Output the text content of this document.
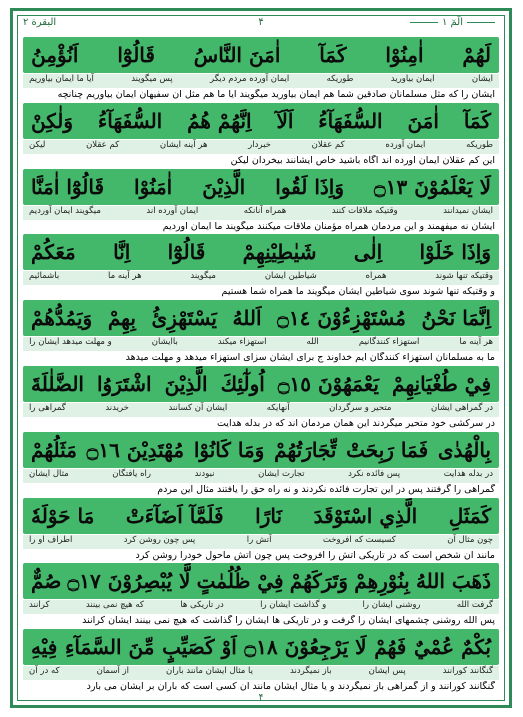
الٓمٓ ۱
۴
البقرة ۲
لَهُمْ
اٰمِنُوْا
كَمَآ
اٰمَنَ النَّاسُ
قَالُوْٓا
اَنُؤْمِنُ
ایشان
ایمان بیاورید
طوریکه
ایمان آورده مردم دیگر
پس میگویند
آیا ما ایمان بیاوریم
ایشان را که مثل مسلمانان صادقین شما هم ایمان بیاورید میگویند آیا ما هم مثل آن سفیهان ایمان بیاوریم چنانچه
كَمَآ
اٰمَنَ
السُّفَهَآءُ
اَلَآ
اِنَّهُمْ هُمُ
السُّفَهَآءُ
وَلٰكِنْ
طوریکه
ایمان آورده
کم عقلان
خبردار
هر آینه ایشان
کم عقلان
لیکن
این کم عقلان ایمان آورده اند آگاه باشید خاص ایشانند بیخردان لیکن
لَا يَعْلَمُوْنَ ۝١٣
وَاِذَا لَقُوا
الَّذِيْنَ
اٰمَنُوْا
قَالُوْٓا اٰمَنَّا
ایشان نمیدانند
وقتیکه ملاقات کنند
همراه آنانکه
ایمان آورده اند
میگویند ایمان آوردیم
ایشان نه میفهمند و این مردمان همراه مؤمنان ملاقات میکنند میگویند ما ایمان آوردیم
وَاِذَا خَلَوْا
اِلٰى
شَيٰطِيْنِهِمْ
قَالُوْٓا
اِنَّا
مَعَكُمْ
وقتیکه تنها شوند
همراه
شیاطین ایشان
میگویند
هر آینه ما
باشمائیم
و وقتیکه تنها شوند سوی شیاطین ایشان میگویند ما همراه شما هستیم
اِنَّمَا نَحْنُ
مُسْتَهْزِءُوْنَ ۝١٤
اَللهُ
يَسْتَهْزِئُ
بِهِمْ
وَيَمُدُّهُمْ
هر آینه ما
استهزاء کنندگانیم
الله
استهزاء میکند
باایشان
و مهلت میدهد ایشان را
ما به مسلمانان استهزاء کنندگان ایم خداوند ج برای ایشان سزای استهزاء میدهد و مهلت میدهد
فِيْ طُغْيَانِهِمْ
يَعْمَهُوْنَ ۝١٥
اُولٰٓئِكَ
الَّذِيْنَ
اشْتَرَوُا
الضَّلٰلَةَ
در گمراهی ایشان
متحیر و سرگردان
آنهایکه
ایشان آن کسانند
خریدند
گمراهی را
در سرکشی خود متحیر میگردند این همان مردمان اند که در بدله هدایت
بِالْهُدٰى
فَمَا رَبِحَتْ
تِّجَارَتُهُمْ
وَمَا كَانُوْا
مُهْتَدِيْنَ ۝١٦
مَثَلُهُمْ
در بدله هدایت
پس فائده نکرد
تجارت ایشان
نبودند
راه یافتگان
مثال ایشان
گمراهی را گرفتند پس در این تجارت فائده نکردند و نه راه حق را یافتند مثال این مردم
كَمَثَلِ
الَّذِي اسْتَوْقَدَ
نَارًا
فَلَمَّآ اَضَآءَتْ
مَا حَوْلَهٗ
چون مثال آن
کسیست که افروخت
آتش را
پس چون روشن کرد
اطراف او را
مانند آن شخص است که در تاریکی آتش را افروخت پس چون آتش ماحول خودرا روشن کرد
ذَهَبَ اللهُ
بِنُوْرِهِمْ
وَتَرَكَهُمْ
فِيْ ظُلُمٰتٍ
لَّا يُبْصِرُوْنَ ۝١٧
صُمٌّ
گرفت الله
روشنی ایشان را
و گذاشت ایشان را
در تاریکی ها
که هیچ نمی بینند
کرانند
پس الله روشنی چشمهای ایشان را گرفت و در تاریکی ها ایشان را گذاشت که هیچ نمی بینند ایشان کرانند
بُكْمٌ عُمْيٌ
فَهُمْ
لَا يَرْجِعُوْنَ ۝١٨
اَوْ كَصَيِّبٍ
مِّنَ السَّمَآءِ
فِيْهِ
گنگانند کورانند
پس ایشان
باز نمیگردند
یا مثال ایشان مانند باران
از آسمان
که در آن
گنگانند کورانند و از گمراهی باز نمیگردند و یا مثال ایشان مانند آن کسی است که باران بر ایشان می بارد
۴
